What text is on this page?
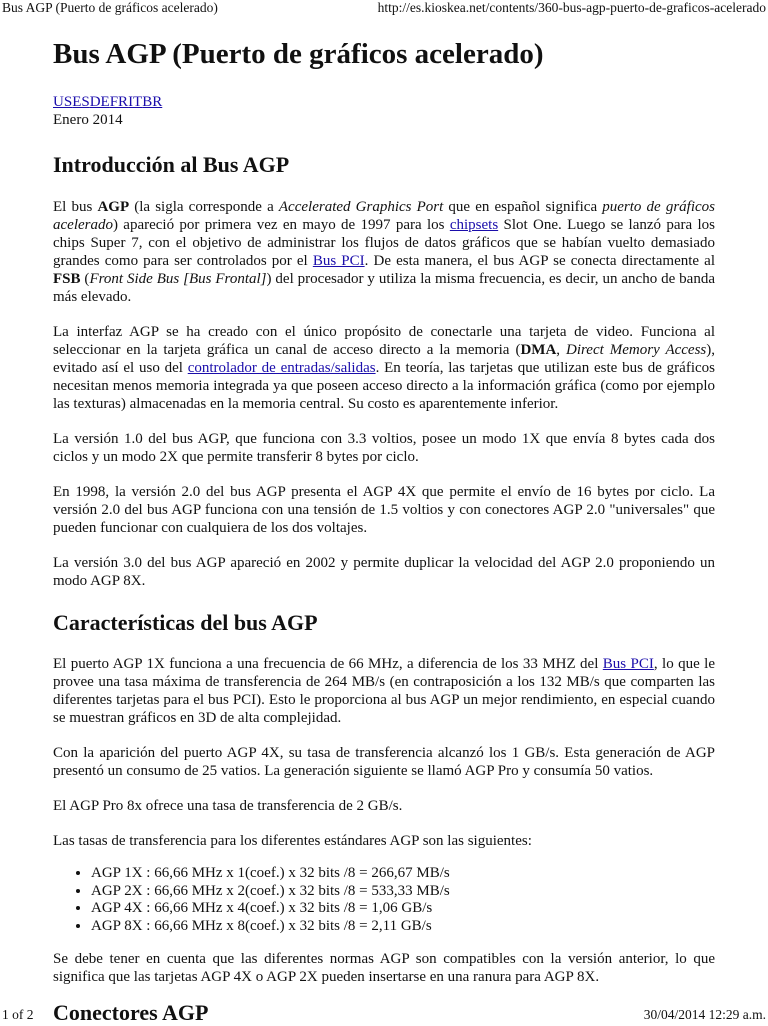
Bus AGP (Puerto de gráficos acelerado)	http://es.kioskea.net/contents/360-bus-agp-puerto-de-graficos-acelerado
Bus AGP (Puerto de gráficos acelerado)
USESDEFRITBR
Enero 2014
Introducción al Bus AGP

El bus AGP (la sigla corresponde a Accelerated Graphics Port que en español significa puerto de gráficos acelerado) apareció por primera vez en mayo de 1997 para los chipsets Slot One. Luego se lanzó para los chips Super 7, con el objetivo de administrar los flujos de datos gráficos que se habían vuelto demasiado grandes como para ser controlados por el Bus PCI. De esta manera, el bus AGP se conecta directamente al FSB (Front Side Bus [Bus Frontal]) del procesador y utiliza la misma frecuencia, es decir, un ancho de banda más elevado.

La interfaz AGP se ha creado con el único propósito de conectarle una tarjeta de video. Funciona al seleccionar en la tarjeta gráfica un canal de acceso directo a la memoria (DMA, Direct Memory Access), evitado así el uso del controlador de entradas/salidas. En teoría, las tarjetas que utilizan este bus de gráficos necesitan menos memoria integrada ya que poseen acceso directo a la información gráfica (como por ejemplo las texturas) almacenadas en la memoria central. Su costo es aparentemente inferior.

La versión 1.0 del bus AGP, que funciona con 3.3 voltios, posee un modo 1X que envía 8 bytes cada dos ciclos y un modo 2X que permite transferir 8 bytes por ciclo.

En 1998, la versión 2.0 del bus AGP presenta el AGP 4X que permite el envío de 16 bytes por ciclo. La versión 2.0 del bus AGP funciona con una tensión de 1.5 voltios y con conectores AGP 2.0 "universales" que pueden funcionar con cualquiera de los dos voltajes.

La versión 3.0 del bus AGP apareció en 2002 y permite duplicar la velocidad del AGP 2.0 proponiendo un modo AGP 8X.

Características del bus AGP

El puerto AGP 1X funciona a una frecuencia de 66 MHz, a diferencia de los 33 MHZ del Bus PCI, lo que le provee una tasa máxima de transferencia de 264 MB/s (en contraposición a los 132 MB/s que comparten las diferentes tarjetas para el bus PCI). Esto le proporciona al bus AGP un mejor rendimiento, en especial cuando se muestran gráficos en 3D de alta complejidad.

Con la aparición del puerto AGP 4X, su tasa de transferencia alcanzó los 1 GB/s. Esta generación de AGP presentó un consumo de 25 vatios. La generación siguiente se llamó AGP Pro y consumía 50 vatios.

El AGP Pro 8x ofrece una tasa de transferencia de 2 GB/s.

Las tasas de transferencia para los diferentes estándares AGP son las siguientes:

• AGP 1X : 66,66 MHz x 1(coef.) x 32 bits /8 = 266,67 MB/s
• AGP 2X : 66,66 MHz x 2(coef.) x 32 bits /8 = 533,33 MB/s
• AGP 4X : 66,66 MHz x 4(coef.) x 32 bits /8 = 1,06 GB/s
• AGP 8X : 66,66 MHz x 8(coef.) x 32 bits /8 = 2,11 GB/s

Se debe tener en cuenta que las diferentes normas AGP son compatibles con la versión anterior, lo que significa que las tarjetas AGP 4X o AGP 2X pueden insertarse en una ranura para AGP 8X.

Conectores AGP
1 of 2	30/04/2014 12:29 a.m.
